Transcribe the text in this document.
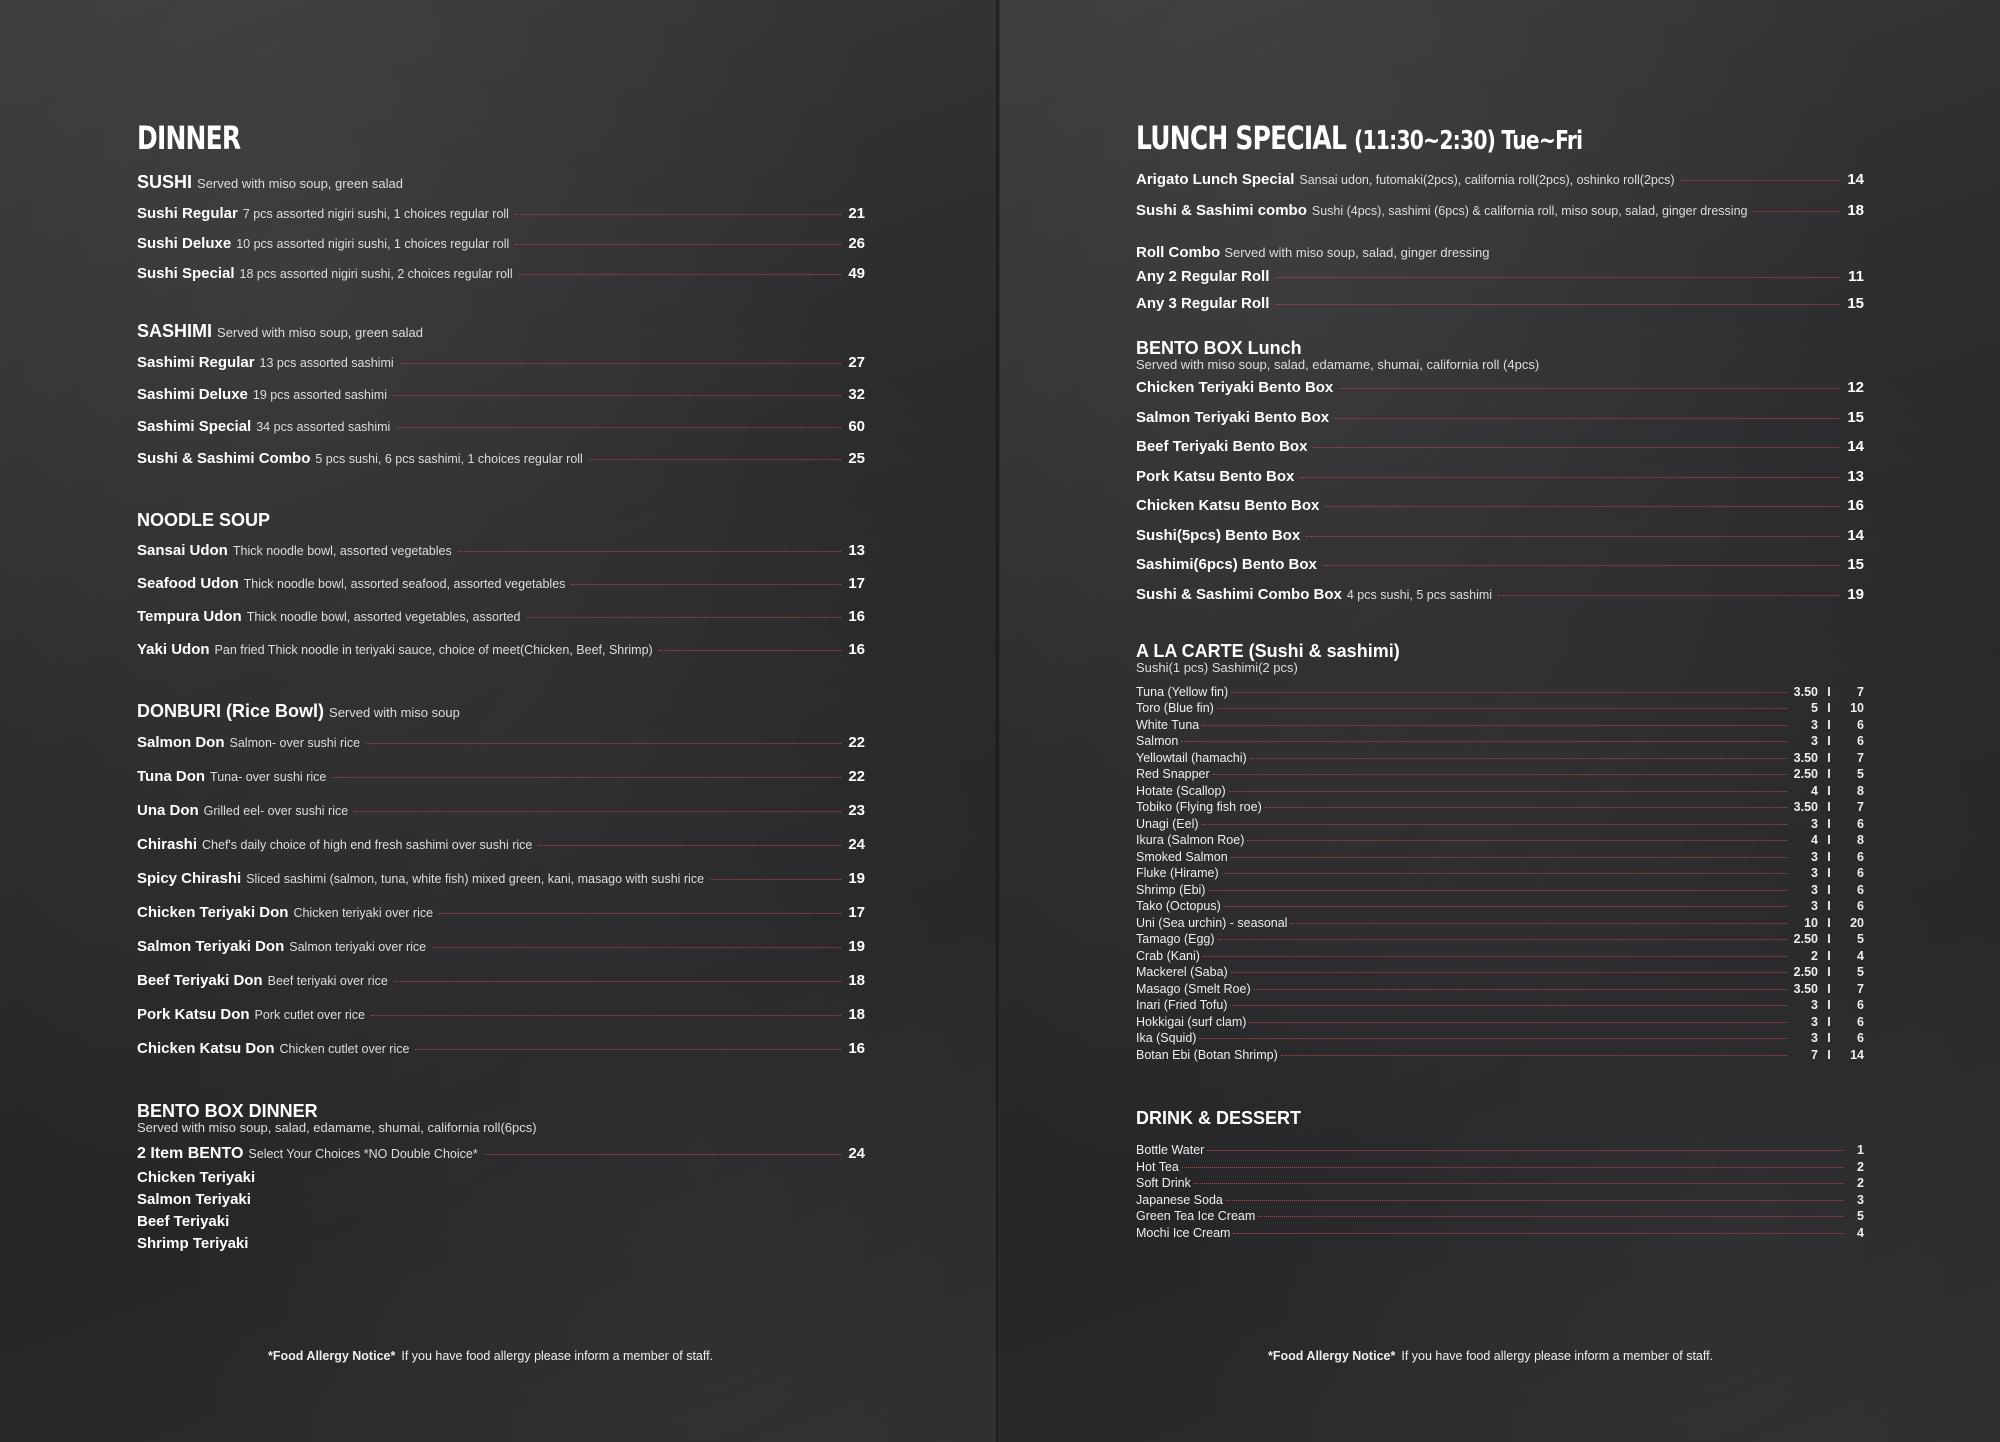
DINNER
SUSHI Served with miso soup, green salad
Sushi Regular 7 pcs assorted nigiri sushi, 1 choices regular roll	21
Sushi Deluxe 10 pcs assorted nigiri sushi, 1 choices regular roll	26
Sushi Special 18 pcs assorted nigiri sushi, 2 choices regular roll	49
SASHIMI Served with miso soup, green salad
Sashimi Regular 13 pcs assorted sashimi	27
Sashimi Deluxe 19 pcs assorted sashimi	32
Sashimi Special 34 pcs assorted sashimi	60
Sushi & Sashimi Combo 5 pcs sushi, 6 pcs sashimi, 1 choices regular roll	25
NOODLE SOUP
Sansai Udon Thick noodle bowl, assorted vegetables	13
Seafood Udon Thick noodle bowl, assorted seafood, assorted vegetables	17
Tempura Udon Thick noodle bowl, assorted vegetables, assorted	16
Yaki Udon Pan fried Thick noodle in teriyaki sauce, choice of meet(Chicken, Beef, Shrimp)	16
DONBURI (Rice Bowl) Served with miso soup
Salmon Don Salmon- over sushi rice	22
Tuna Don Tuna- over sushi rice	22
Una Don Grilled eel- over sushi rice	23
Chirashi Chef's daily choice of high end fresh sashimi over sushi rice	24
Spicy Chirashi Sliced sashimi (salmon, tuna, white fish) mixed green, kani, masago with sushi rice	19
Chicken Teriyaki Don Chicken teriyaki over rice	17
Salmon Teriyaki Don Salmon teriyaki over rice	19
Beef Teriyaki Don Beef teriyaki over rice	18
Pork Katsu Don Pork cutlet over rice	18
Chicken Katsu Don Chicken cutlet over rice	16
BENTO BOX DINNER
Served with miso soup, salad, edamame, shumai, california roll(6pcs)
2 Item BENTO Select Your Choices *NO Double Choice*	24
Chicken Teriyaki
Salmon Teriyaki
Beef Teriyaki
Shrimp Teriyaki
*Food Allergy Notice* If you have food allergy please inform a member of staff.
LUNCH SPECIAL (11:30~2:30) Tue~Fri
Arigato Lunch Special Sansai udon, futomaki(2pcs), california roll(2pcs), oshinko roll(2pcs)	14
Sushi & Sashimi combo Sushi (4pcs), sashimi (6pcs) & california roll, miso soup, salad, ginger dressing	18
Roll Combo Served with miso soup, salad, ginger dressing
Any 2 Regular Roll	11
Any 3 Regular Roll	15
BENTO BOX Lunch
Served with miso soup, salad, edamame, shumai, california roll (4pcs)
Chicken Teriyaki Bento Box	12
Salmon Teriyaki Bento Box	15
Beef Teriyaki Bento Box	14
Pork Katsu Bento Box	13
Chicken Katsu Bento Box	16
Sushi(5pcs) Bento Box	14
Sashimi(6pcs) Bento Box	15
Sushi & Sashimi Combo Box 4 pcs sushi, 5 pcs sashimi	19
A LA CARTE (Sushi & sashimi)
Sushi(1 pcs) Sashimi(2 pcs)
Tuna (Yellow fin)	3.50 I	7
Toro (Blue fin)	5 I	10
White Tuna	3 I	6
Salmon	3 I	6
Yellowtail (hamachi)	3.50 I	7
Red Snapper	2.50 I	5
Hotate (Scallop)	4 I	8
Tobiko (Flying fish roe)	3.50 I	7
Unagi (Eel)	3 I	6
Ikura (Salmon Roe)	4 I	8
Smoked Salmon	3 I	6
Fluke (Hirame)	3 I	6
Shrimp (Ebi)	3 I	6
Tako (Octopus)	3 I	6
Uni (Sea urchin) - seasonal	10 I	20
Tamago (Egg)	2.50 I	5
Crab (Kani)	2 I	4
Mackerel (Saba)	2.50 I	5
Masago (Smelt Roe)	3.50 I	7
Inari (Fried Tofu)	3 I	6
Hokkigai (surf clam)	3 I	6
Ika (Squid)	3 I	6
Botan Ebi (Botan Shrimp)	7 I	14
DRINK & DESSERT
Bottle Water	1
Hot Tea	2
Soft Drink	2
Japanese Soda	3
Green Tea Ice Cream	5
Mochi Ice Cream	4
*Food Allergy Notice* If you have food allergy please inform a member of staff.
